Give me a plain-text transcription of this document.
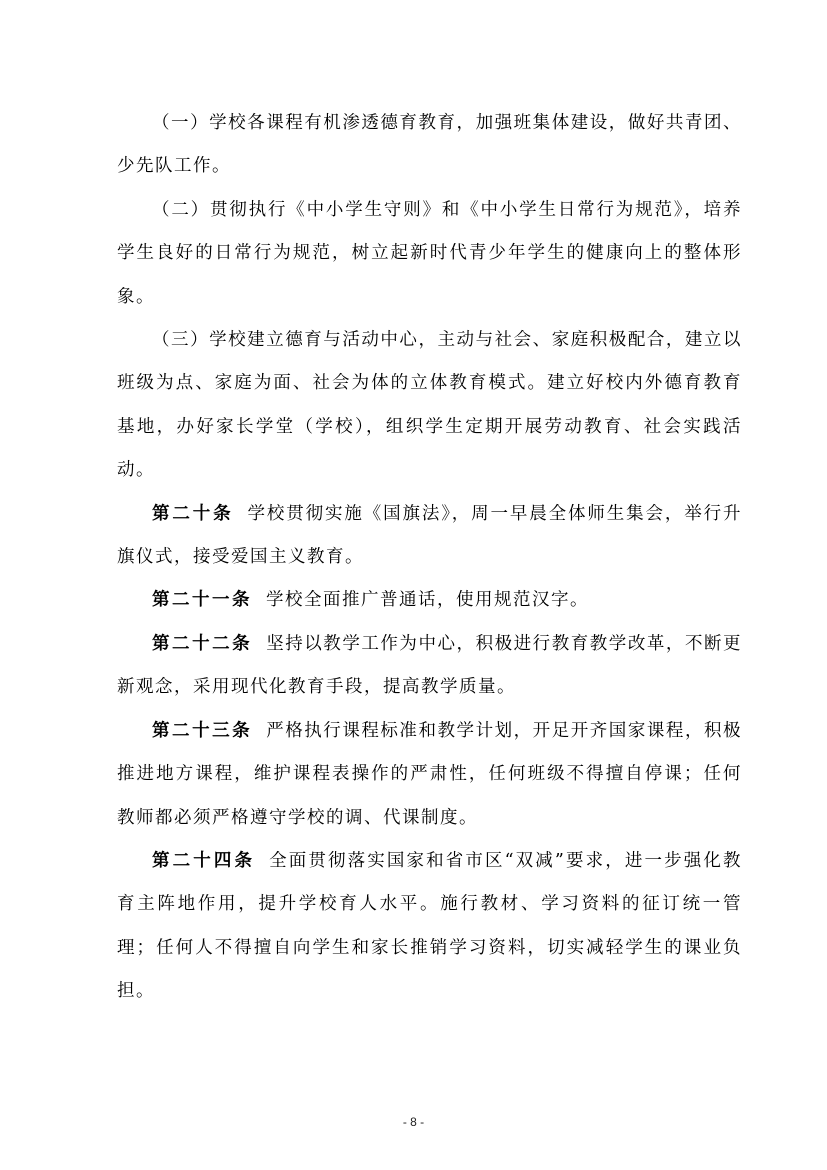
（一）学校各课程有机渗透德育教育，加强班集体建设，做好共青团、少先队工作。

（二）贯彻执行《中小学生守则》和《中小学生日常行为规范》，培养学生良好的日常行为规范，树立起新时代青少年学生的健康向上的整体形象。

（三）学校建立德育与活动中心，主动与社会、家庭积极配合，建立以班级为点、家庭为面、社会为体的立体教育模式。建立好校内外德育教育基地，办好家长学堂（学校），组织学生定期开展劳动教育、社会实践活动。

第二十条 学校贯彻实施《国旗法》，周一早晨全体师生集会，举行升旗仪式，接受爱国主义教育。

第二十一条 学校全面推广普通话，使用规范汉字。

第二十二条 坚持以教学工作为中心，积极进行教育教学改革，不断更新观念，采用现代化教育手段，提高教学质量。

第二十三条 严格执行课程标准和教学计划，开足开齐国家课程，积极推进地方课程，维护课程表操作的严肃性，任何班级不得擅自停课；任何教师都必须严格遵守学校的调、代课制度。

第二十四条 全面贯彻落实国家和省市区“双减”要求，进一步强化教育主阵地作用，提升学校育人水平。施行教材、学习资料的征订统一管理；任何人不得擅自向学生和家长推销学习资料，切实减轻学生的课业负担。

- 8 -
